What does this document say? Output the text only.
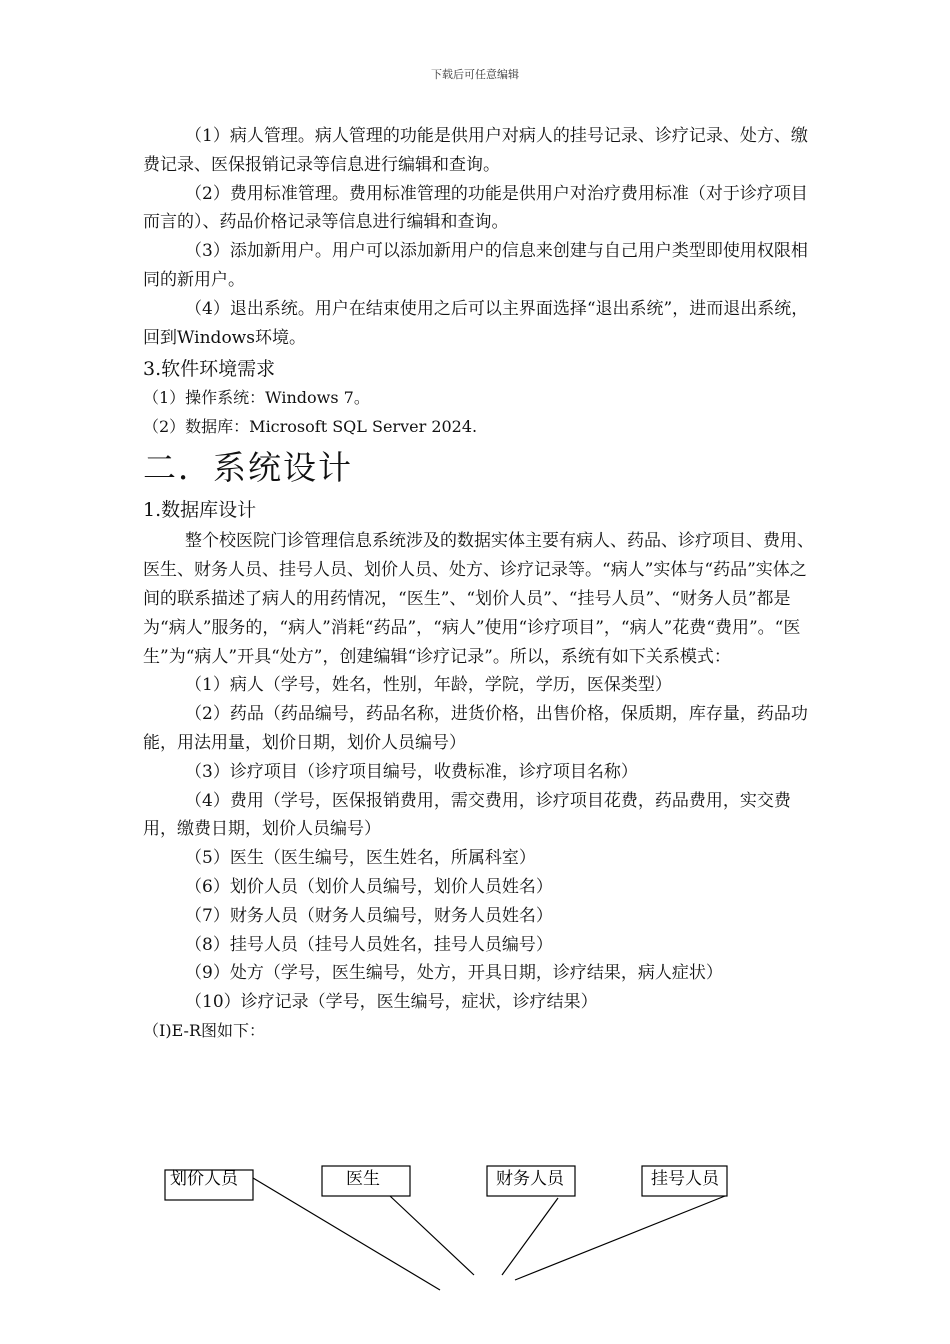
下载后可任意编辑

（1）病人管理。病人管理的功能是供用户对病人的挂号记录、诊疗记录、处方、缴费记录、医保报销记录等信息进行编辑和查询。

（2）费用标准管理。费用标准管理的功能是供用户对治疗费用标准（对于诊疗项目而言的）、药品价格记录等信息进行编辑和查询。

（3）添加新用户。用户可以添加新用户的信息来创建与自己用户类型即使用权限相同的新用户。

（4）退出系统。用户在结束使用之后可以主界面选择“退出系统”，进而退出系统，回到Windows环境。

3.软件环境需求

（1）操作系统：Windows 7。

（2）数据库：Microsoft SQL Server 2024.

二．系统设计

1.数据库设计

整个校医院门诊管理信息系统涉及的数据实体主要有病人、药品、诊疗项目、费用、医生、财务人员、挂号人员、划价人员、处方、诊疗记录等。“病人”实体与“药品”实体之间的联系描述了病人的用药情况，“医生”、“划价人员”、“挂号人员”、“财务人员”都是为“病人”服务的，“病人”消耗“药品”，“病人”使用“诊疗项目”，“病人”花费“费用”。“医生”为“病人”开具“处方”，创建编辑“诊疗记录”。所以，系统有如下关系模式：

（1）病人（学号，姓名，性别，年龄，学院，学历，医保类型）

（2）药品（药品编号，药品名称，进货价格，出售价格，保质期，库存量，药品功能，用法用量，划价日期，划价人员编号）

（3）诊疗项目（诊疗项目编号，收费标准，诊疗项目名称）

（4）费用（学号，医保报销费用，需交费用，诊疗项目花费，药品费用，实交费用，缴费日期，划价人员编号）

（5）医生（医生编号，医生姓名，所属科室）

（6）划价人员（划价人员编号，划价人员姓名）

（7）财务人员（财务人员编号，财务人员姓名）

（8）挂号人员（挂号人员姓名，挂号人员编号）

（9）处方（学号，医生编号，处方，开具日期，诊疗结果，病人症状）

（10）诊疗记录（学号，医生编号，症状，诊疗结果）

（I)E-R图如下：

划价人员	医生	财务人员	挂号人员
